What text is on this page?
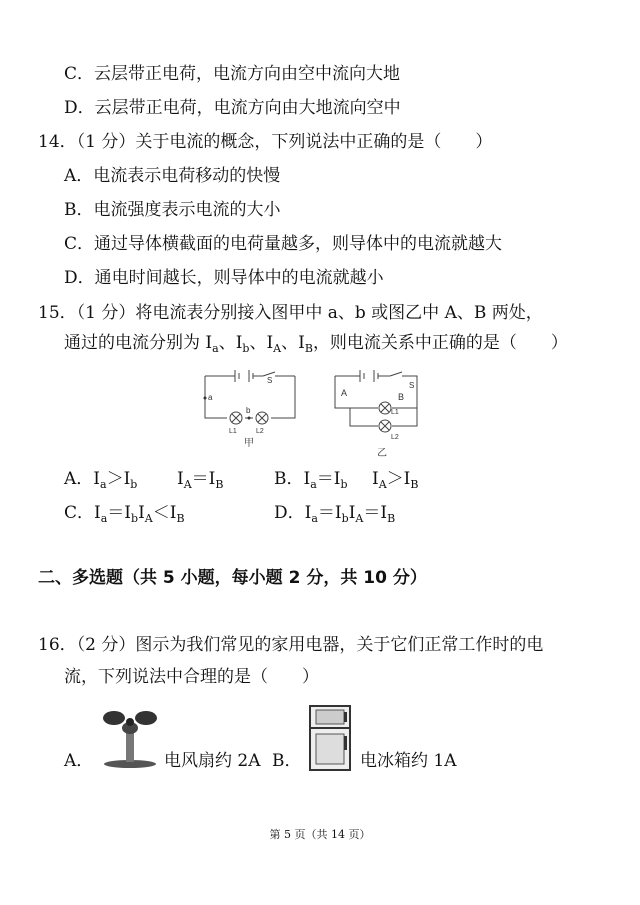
C．云层带正电荷，电流方向由空中流向大地
D．云层带正电荷，电流方向由大地流向空中
14．（1 分）关于电流的概念，下列说法中正确的是（　　）
A．电流表示电荷移动的快慢
B．电流强度表示电流的大小
C．通过导体横截面的电荷量越多，则导体中的电流就越大
D．通电时间越长，则导体中的电流就越小
15．（1 分）将电流表分别接入图甲中 a、b 或图乙中 A、B 两处，
通过的电流分别为 $I_a$、$I_b$、$I_A$、$I_B$，则电流关系中正确的是（　　）
a
b
S
L1	L2
甲
A	B
S
L1
L2
乙
A．$I_a>I_b$ $I_A=I_B$	B．$I_a=I_b$ $I_A>I_B$
C．$I_a=I_bI_A<I_B$	D．$I_a=I_bI_A=I_B$
二、多选题（共 5 小题，每小题 2 分，共 10 分）
16．（2 分）图示为我们常见的家用电器，关于它们正常工作时的电
流，下列说法中合理的是（　　）
A．	电风扇约 2A B．	电冰箱约 1A
第 5 页（共 14 页）
